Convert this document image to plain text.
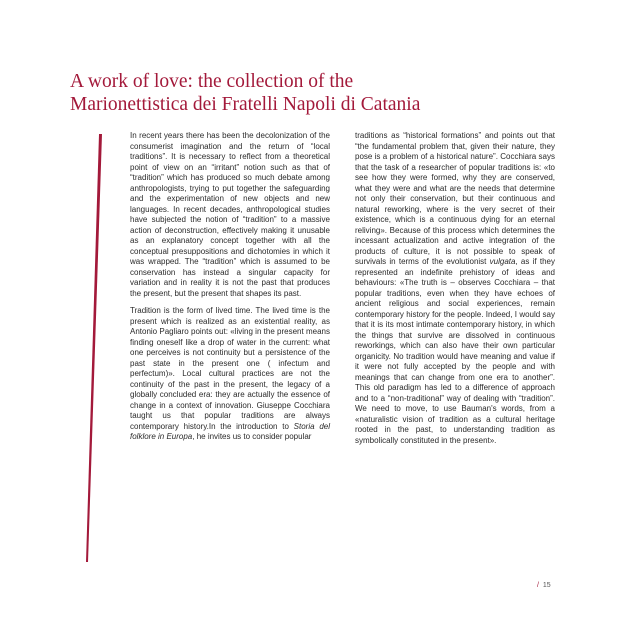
A work of love: the collection of the
Marionettistica dei Fratelli Napoli di Catania

In recent years there has been the decolonization of the consumerist imagination and the return of “local traditions”. It is necessary to reflect from a theoretical point of view on an “irritant” notion such as that of “tradition” which has produced so much debate among anthropologists, trying to put together the safeguarding and the experimentation of new objects and new languages. In recent decades, anthropological studies have subjected the notion of “tradition” to a massive action of deconstruction, effectively making it unusable as an explanatory concept together with all the conceptual presuppositions and dichotomies in which it was wrapped. The “tradition” which is assumed to be conservation has instead a singular capacity for variation and in reality it is not the past that produces the present, but the present that shapes its past.

Tradition is the form of lived time. The lived time is the present which is realized as an existential reality, as Antonio Pagliaro points out: «living in the present means finding oneself like a drop of water in the current: what one perceives is not continuity but a persistence of the past state in the present one ( infectum and perfectum)». Local cultural practices are not the continuity of the past in the present, the legacy of a globally concluded era: they are actually the essence of change in a context of innovation. Giuseppe Cocchiara taught us that popular traditions are always contemporary history.In the introduction to Storia del folklore in Europa, he invites us to consider popular

traditions as “historical formations” and points out that “the fundamental problem that, given their nature, they pose is a problem of a historical nature”. Cocchiara says that the task of a researcher of popular traditions is: «to see how they were formed, why they are conserved, what they were and what are the needs that determine not only their conservation, but their continuous and natural reworking, where is the very secret of their existence, which is a continuous dying for an eternal reliving». Because of this process which determines the incessant actualization and active integration of the products of culture, it is not possible to speak of survivals in terms of the evolutionist vulgata, as if they represented an indefinite prehistory of ideas and behaviours: «The truth is – observes Cocchiara – that popular traditions, even when they have echoes of ancient religious and social experiences, remain contemporary history for the people. Indeed, I would say that it is its most intimate contemporary history, in which the things that survive are dissolved in continuous reworkings, which can also have their own particular organicity. No tradition would have meaning and value if it were not fully accepted by the people and with meanings that can change from one era to another”. This old paradigm has led to a difference of approach and to a “non-traditional” way of dealing with “tradition”. We need to move, to use Bauman's words, from a «naturalistic vision of tradition as a cultural heritage rooted in the past, to understanding tradition as symbolically constituted in the present».

/ 15
